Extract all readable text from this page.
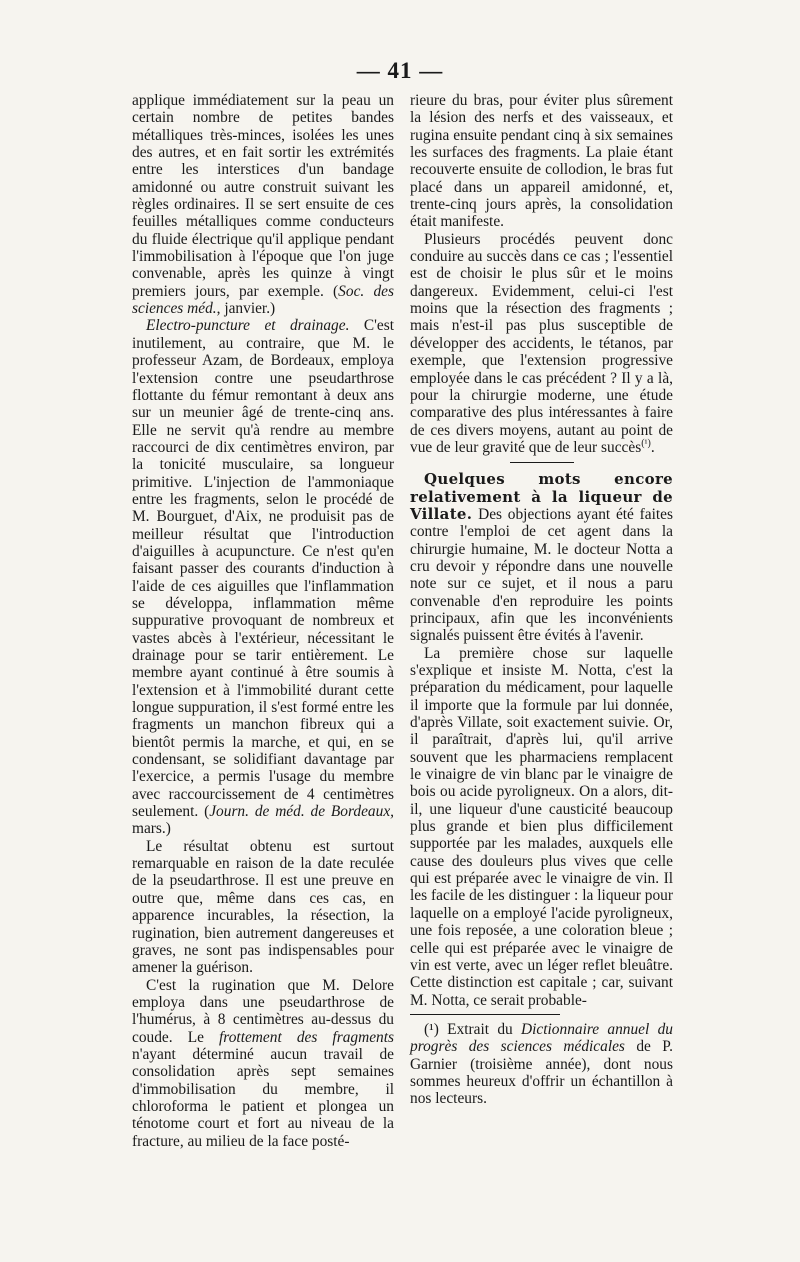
— 41 —

applique immédiatement sur la peau un certain nombre de petites bandes métalliques très-minces, isolées les unes des autres, et en fait sortir les extrémités entre les interstices d'un bandage amidonné ou autre construit suivant les règles ordinaires. Il se sert ensuite de ces feuilles métalliques comme conducteurs du fluide électrique qu'il applique pendant l'immobilisation à l'époque que l'on juge convenable, après les quinze à vingt premiers jours, par exemple. (Soc. des sciences méd., janvier.)

Electro-puncture et drainage. C'est inutilement, au contraire, que M. le professeur Azam, de Bordeaux, employa l'extension contre une pseudarthrose flottante du fémur remontant à deux ans sur un meunier âgé de trente-cinq ans. Elle ne servit qu'à rendre au membre raccourci de dix centimètres environ, par la tonicité musculaire, sa longueur primitive. L'injection de l'ammoniaque entre les fragments, selon le procédé de M. Bourguet, d'Aix, ne produisit pas de meilleur résultat que l'introduction d'aiguilles à acupuncture. Ce n'est qu'en faisant passer des courants d'induction à l'aide de ces aiguilles que l'inflammation se développa, inflammation même suppurative provoquant de nombreux et vastes abcès à l'extérieur, nécessitant le drainage pour se tarir entièrement. Le membre ayant continué à être soumis à l'extension et à l'immobilité durant cette longue suppuration, il s'est formé entre les fragments un manchon fibreux qui a bientôt permis la marche, et qui, en se condensant, se solidifiant davantage par l'exercice, a permis l'usage du membre avec raccourcissement de 4 centimètres seulement. (Journ. de méd. de Bordeaux, mars.)

Le résultat obtenu est surtout remarquable en raison de la date reculée de la pseudarthrose. Il est une preuve en outre que, même dans ces cas, en apparence incurables, la résection, la rugination, bien autrement dangereuses et graves, ne sont pas indispensables pour amener la guérison.

C'est la rugination que M. Delore employa dans une pseudarthrose de l'humérus, à 8 centimètres au-dessus du coude. Le frottement des fragments n'ayant déterminé aucun travail de consolidation après sept semaines d'immobilisation du membre, il chloroforma le patient et plongea un ténotome court et fort au niveau de la fracture, au milieu de la face posté-

rieure du bras, pour éviter plus sûrement la lésion des nerfs et des vaisseaux, et rugina ensuite pendant cinq à six semaines les surfaces des fragments. La plaie étant recouverte ensuite de collodion, le bras fut placé dans un appareil amidonné, et, trente-cinq jours après, la consolidation était manifeste.

Plusieurs procédés peuvent donc conduire au succès dans ce cas ; l'essentiel est de choisir le plus sûr et le moins dangereux. Evidemment, celui-ci l'est moins que la résection des fragments ; mais n'est-il pas plus susceptible de développer des accidents, le tétanos, par exemple, que l'extension progressive employée dans le cas précédent ? Il y a là, pour la chirurgie moderne, une étude comparative des plus intéressantes à faire de ces divers moyens, autant au point de vue de leur gravité que de leur succès$^{(^1)}$.

Quelques mots encore relativement à la liqueur de Villate. Des objections ayant été faites contre l'emploi de cet agent dans la chirurgie humaine, M. le docteur Notta a cru devoir y répondre dans une nouvelle note sur ce sujet, et il nous a paru convenable d'en reproduire les points principaux, afin que les inconvénients signalés puissent être évités à l'avenir.

La première chose sur laquelle s'explique et insiste M. Notta, c'est la préparation du médicament, pour laquelle il importe que la formule par lui donnée, d'après Villate, soit exactement suivie. Or, il paraîtrait, d'après lui, qu'il arrive souvent que les pharmaciens remplacent le vinaigre de vin blanc par le vinaigre de bois ou acide pyroligneux. On a alors, dit-il, une liqueur d'une causticité beaucoup plus grande et bien plus difficilement supportée par les malades, auxquels elle cause des douleurs plus vives que celle qui est préparée avec le vinaigre de vin. Il les facile de les distinguer : la liqueur pour laquelle on a employé l'acide pyroligneux, une fois reposée, a une coloration bleue ; celle qui est préparée avec le vinaigre de vin est verte, avec un léger reflet bleuâtre. Cette distinction est capitale ; car, suivant M. Notta, ce serait probable-

(¹) Extrait du Dictionnaire annuel du progrès des sciences médicales de P. Garnier (troisième année), dont nous sommes heureux d'offrir un échantillon à nos lecteurs.
